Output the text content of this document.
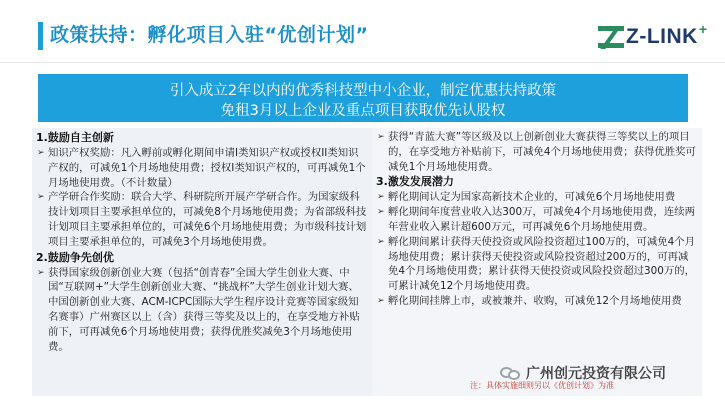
政策扶持：孵化项目入驻“优创计划”	Z-LINK +
引入成立2年以内的优秀科技型中小企业，制定优惠扶持政策
免租3月以上企业及重点项目获取优先认股权
1.鼓励自主创新
➢ 知识产权奖励：凡入孵前或孵化期间申请I类知识产权或授权II类知识产权的，可减免1个月场地使用费；授权I类知识产权的，可再减免1个月场地使用费。（不计数量）
➢ 产学研合作奖励：联合大学、科研院所开展产学研合作。为国家级科技计划项目主要承担单位的，可减免8个月场地使用费；为省部级科技计划项目主要承担单位的，可减免6个月场地使用费；为市级科技计划项目主要承担单位的，可减免3个月场地使用费。
2.鼓励争先创优
➢ 获得国家级创新创业大赛（包括“创青春”全国大学生创业大赛、中国“互联网+”大学生创新创业大赛、“挑战杯”大学生创业计划大赛、中国创新创业大赛、ACM-ICPC国际大学生程序设计竞赛等国家级知名赛事）广州赛区以上（含）获得三等奖及以上的，在享受地方补贴前下，可再减免6个月场地使用费；获得优胜奖减免3个月场地使用费。
➢ 获得“青蓝大赛”等区级及以上创新创业大赛获得三等奖以上的项目的，在享受地方补贴前下，可减免4个月场地使用费；获得优胜奖可减免1个月场地使用费。
3.激发发展潜力
➢ 孵化期间认定为国家高新技术企业的，可减免6个月场地使用费
➢ 孵化期间年度营业收入达300万，可减免4个月场地使用费，连续两年营业收入累计超600万元，可再减免6个月场地使用费。
➢ 孵化期间累计获得天使投资或风险投资超过100万的，可减免4个月场地使用费；累计获得天使投资或风险投资超过200万的，可再减免4个月场地使用费；累计获得天使投资或风险投资超过300万的，可累计减免12个月场地使用费。
➢ 孵化期间挂牌上市，或被兼并、收购，可减免12个月场地使用费
广州创元投资有限公司
注：具体实施细则另以《优创计划》为准
